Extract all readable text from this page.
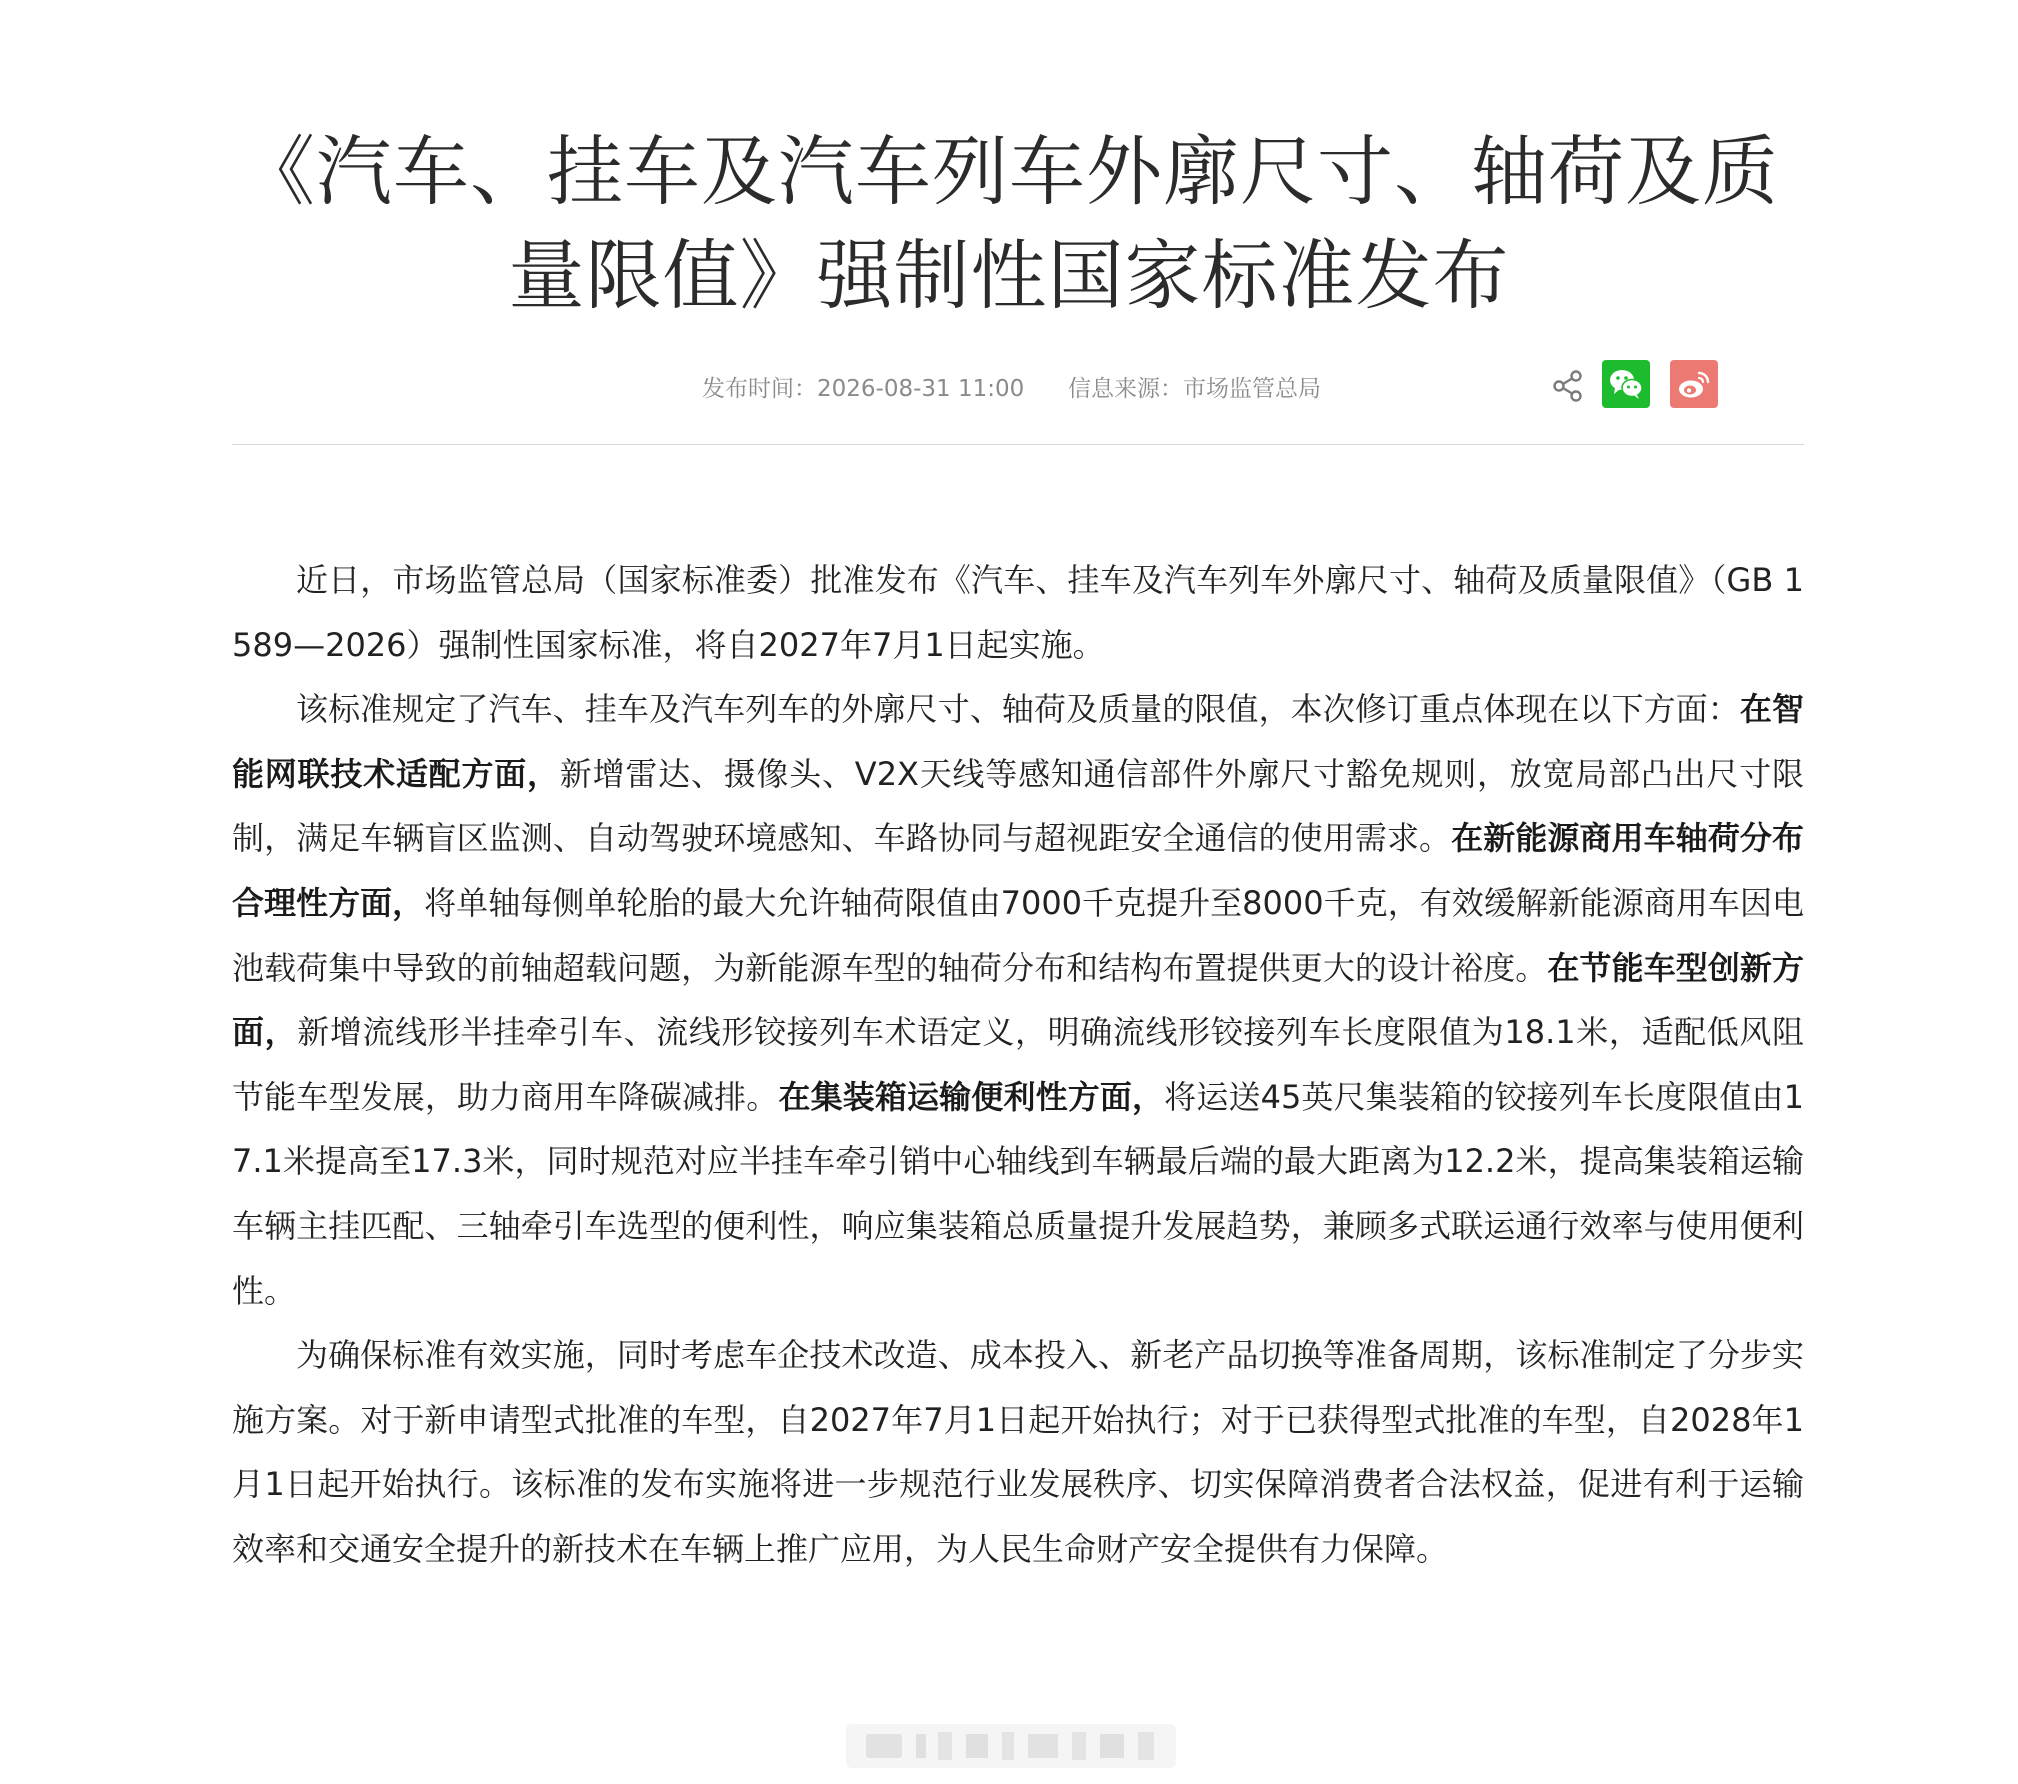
《汽车、挂车及汽车列车外廓尺寸、轴荷及质量限值》强制性国家标准发布
发布时间：2026-08-31 11:00 信息来源：市场监管总局

近日，市场监管总局（国家标准委）批准发布《汽车、挂车及汽车列车外廓尺寸、轴荷及质量限值》（GB 1589—2026）强制性国家标准，将自2027年7月1日起实施。

该标准规定了汽车、挂车及汽车列车的外廓尺寸、轴荷及质量的限值，本次修订重点体现在以下方面：在智能网联技术适配方面，新增雷达、摄像头、V2X天线等感知通信部件外廓尺寸豁免规则，放宽局部凸出尺寸限制，满足车辆盲区监测、自动驾驶环境感知、车路协同与超视距安全通信的使用需求。在新能源商用车轴荷分布合理性方面，将单轴每侧单轮胎的最大允许轴荷限值由7000千克提升至8000千克，有效缓解新能源商用车因电池载荷集中导致的前轴超载问题，为新能源车型的轴荷分布和结构布置提供更大的设计裕度。在节能车型创新方面，新增流线形半挂牵引车、流线形铰接列车术语定义，明确流线形铰接列车长度限值为18.1米，适配低风阻节能车型发展，助力商用车降碳减排。在集装箱运输便利性方面，将运送45英尺集装箱的铰接列车长度限值由17.1米提高至17.3米，同时规范对应半挂车牵引销中心轴线到车辆最后端的最大距离为12.2米，提高集装箱运输车辆主挂匹配、三轴牵引车选型的便利性，响应集装箱总质量提升发展趋势，兼顾多式联运通行效率与使用便利性。

为确保标准有效实施，同时考虑车企技术改造、成本投入、新老产品切换等准备周期，该标准制定了分步实施方案。对于新申请型式批准的车型，自2027年7月1日起开始执行；对于已获得型式批准的车型，自2028年1月1日起开始执行。该标准的发布实施将进一步规范行业发展秩序、切实保障消费者合法权益，促进有利于运输效率和交通安全提升的新技术在车辆上推广应用，为人民生命财产安全提供有力保障。
